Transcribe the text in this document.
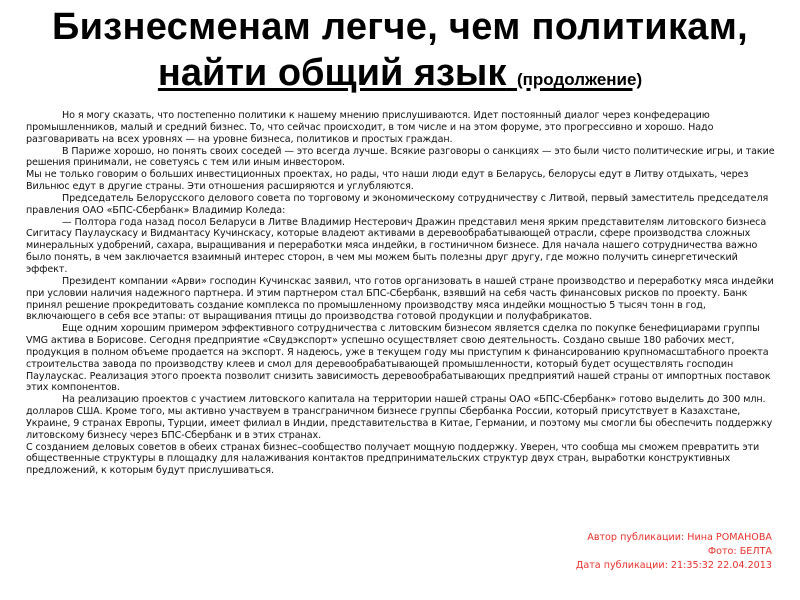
Бизнесменам легче, чем политикам,
найти общий язык (продолжение)

Но я могу сказать, что постепенно политики к нашему мнению прислушиваются. Идет постоянный диалог через конфедерацию промышленников, малый и средний бизнес. То, что сейчас происходит, в том числе и на этом форуме, это прогрессивно и хорошо. Надо разговаривать на всех уровнях — на уровне бизнеса, политиков и простых граждан.

В Париже хорошо, но понять своих соседей — это всегда лучше. Всякие разговоры о санкциях — это были чисто политические игры, и такие решения принимали, не советуясь с тем или иным инвестором.

Мы не только говорим о больших инвестиционных проектах, но рады, что наши люди едут в Беларусь, белорусы едут в Литву отдыхать, через        Вильнюс едут в другие страны. Эти отношения расширяются и углубляются.

Председатель Белорусского делового совета по торговому и экономическому сотрудничеству с Литвой, первый заместитель председателя правления ОАО «БПС-Сбербанк» Владимир Коледа:

— Полтора года назад посол Беларуси в Литве Владимир Нестерович Дражин представил меня ярким представителям литовского бизнеса Сигитасу Паулаускасу и Видмантасу Кучинскасу, которые владеют активами в деревообрабатывающей отрасли, сфере производства сложных минеральных удобрений, сахара, выращивания и переработки мяса индейки, в гостиничном бизнесе. Для начала нашего сотрудничества важно было понять, в чем заключается взаимный интерес сторон, в чем мы можем быть полезны друг другу, где можно получить синергетический эффект.

Президент компании «Арви» господин Кучинскас заявил, что готов организовать в нашей стране производство и переработку мяса индейки при условии наличия надежного партнера. И этим партнером стал БПС-Сбербанк, взявший на себя часть финансовых рисков по проекту. Банк принял решение прокредитовать создание комплекса по промышленному производству мяса индейки мощностью 5 тысяч тонн в год, включающего в себя все этапы: от выращивания птицы до производства готовой продукции и полуфабрикатов.

Еще одним хорошим примером эффективного сотрудничества с литовским бизнесом является сделка по покупке бенефициарами группы VMG актива в Борисове. Сегодня предприятие «Свудэкспорт» успешно осуществляет свою деятельность. Создано свыше 180 рабочих мест, продукция в полном объеме продается на экспорт. Я надеюсь, уже в текущем году мы приступим к финансированию крупномасштабного проекта строительства завода по производству клеев и смол для деревообрабатывающей промышленности, который будет осуществлять господин Паулаускас. Реализация этого проекта позволит снизить зависимость деревообрабатывающих предприятий нашей страны от импортных поставок этих компонентов.

На реализацию проектов с участием литовского капитала на территории нашей страны ОАО «БПС-Сбербанк» готово выделить до 300 млн. долларов США. Кроме того, мы активно участвуем в трансграничном бизнесе группы Сбербанка России, который присутствует в Казахстане, Украине, 9 странах Европы, Турции, имеет филиал в Индии, представительства в Китае, Германии, и поэтому мы смогли бы обеспечить поддержку литовскому бизнесу через БПС-Сбербанк и в этих странах.

С созданием деловых советов в обеих странах бизнес–сообщество получает мощную поддержку. Уверен, что сообща мы сможем превратить эти общественные структуры в площадку для налаживания контактов предпринимательских структур двух стран, выработки конструктивных предложений, к которым будут прислушиваться.

Автор публикации: Нина РОМАНОВА
Фото: БЕЛТА
Дата публикации: 21:35:32 22.04.2013
